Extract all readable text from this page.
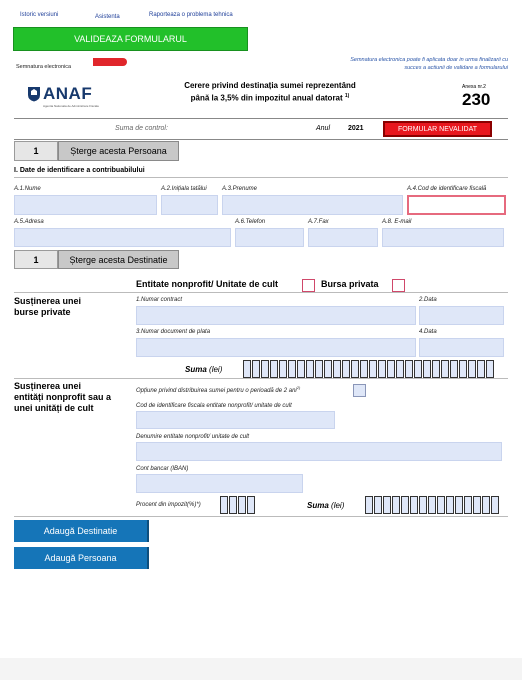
Istoric versiuni	Asistenta	Raporteaza o problema tehnica
VALIDEAZA FORMULARUL
Semnatura electronica
Semnatura electronica poate fi aplicata doar in urma finalizarii cu succes a actiunii de validare a formularului
ANAF
Agentia Nationala de Administrare Fiscala
Cerere privind destinația sumei reprezentând
până la 3,5% din impozitul anual datorat $^{1)}$
Anexa nr.2
230
Suma de control:	Anul	2021	FORMULAR NEVALIDAT
1	Șterge acesta Persoana
I. Date de identificare a contribuabilului
A.1.Nume	A.2.Inițiala tatălui	A.3.Prenume	A.4.Cod de identificare fiscală
A.5.Adresa	A.6.Telefon	A.7.Fax	A.8. E-mail
1	Șterge acesta Destinatie
Entitate nonprofit/ Unitate de cult	Bursa privata
Susținerea unei
burse private
1.Numar contract	2.Data
3.Numar document de plata	4.Data
Suma (lei)
Susținerea unei
entități nonprofit sau a
unei unități de cult
Opțiune privind distribuirea sumei pentru o perioadă de 2 ani$^{2)}$
Cod de identificare fiscala entitate nonprofit/ unitate de cult
Denumire entitate nonprofit/ unitate de cult
Cont bancar (IBAN)
Procent din impozit(%)*)	Suma (lei)
Adaugă Destinatie
Adaugă Persoana
